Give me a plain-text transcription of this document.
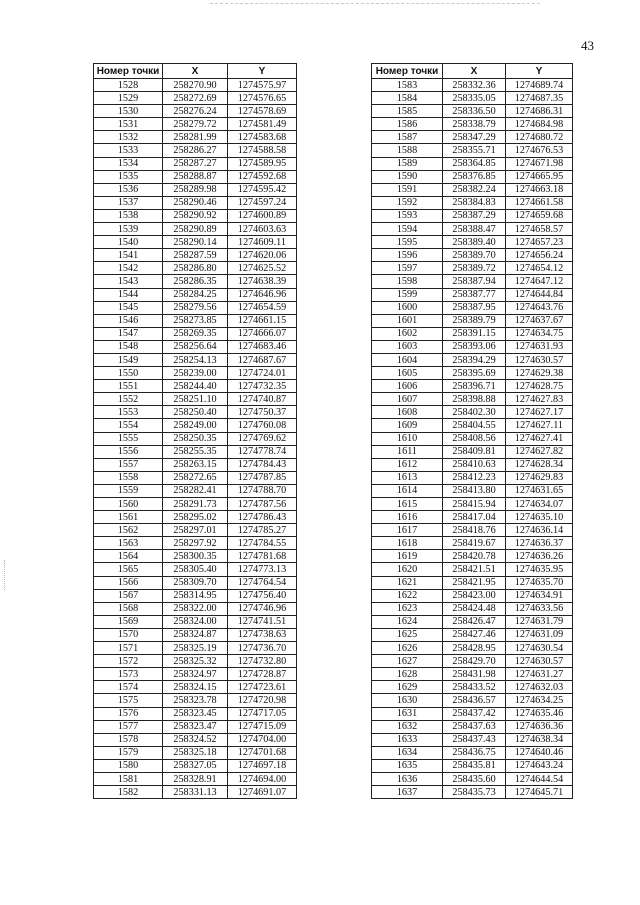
43
Номер точки	X	Y
1528	258270.90	1274575.97
1529	258272.69	1274576.65
1530	258276.24	1274578.69
1531	258279.72	1274581.49
1532	258281.99	1274583.68
1533	258286.27	1274588.58
1534	258287.27	1274589.95
1535	258288.87	1274592.68
1536	258289.98	1274595.42
1537	258290.46	1274597.24
1538	258290.92	1274600.89
1539	258290.89	1274603.63
1540	258290.14	1274609.11
1541	258287.59	1274620.06
1542	258286.80	1274625.52
1543	258286.35	1274638.39
1544	258284.25	1274646.96
1545	258279.56	1274654.59
1546	258273.85	1274661.15
1547	258269.35	1274666.07
1548	258256.64	1274683.46
1549	258254.13	1274687.67
1550	258239.00	1274724.01
1551	258244.40	1274732.35
1552	258251.10	1274740.87
1553	258250.40	1274750.37
1554	258249.00	1274760.08
1555	258250.35	1274769.62
1556	258255.35	1274778.74
1557	258263.15	1274784.43
1558	258272.65	1274787.85
1559	258282.41	1274788.70
1560	258291.73	1274787.56
1561	258295.02	1274786.43
1562	258297.01	1274785.27
1563	258297.92	1274784.55
1564	258300.35	1274781.68
1565	258305.40	1274773.13
1566	258309.70	1274764.54
1567	258314.95	1274756.40
1568	258322.00	1274746.96
1569	258324.00	1274741.51
1570	258324.87	1274738.63
1571	258325.19	1274736.70
1572	258325.32	1274732.80
1573	258324.97	1274728.87
1574	258324.15	1274723.61
1575	258323.78	1274720.98
1576	258323.45	1274717.05
1577	258323.47	1274715.09
1578	258324.52	1274704.00
1579	258325.18	1274701.68
1580	258327.05	1274697.18
1581	258328.91	1274694.00
1582	258331.13	1274691.07
Номер точки	X	Y
1583	258332.36	1274689.74
1584	258335.05	1274687.35
1585	258336.50	1274686.31
1586	258338.79	1274684.98
1587	258347.29	1274680.72
1588	258355.71	1274676.53
1589	258364.85	1274671.98
1590	258376.85	1274665.95
1591	258382.24	1274663.18
1592	258384.83	1274661.58
1593	258387.29	1274659.68
1594	258388.47	1274658.57
1595	258389.40	1274657.23
1596	258389.70	1274656.24
1597	258389.72	1274654.12
1598	258387.94	1274647.12
1599	258387.77	1274644.84
1600	258387.95	1274643.76
1601	258389.79	1274637.67
1602	258391.15	1274634.75
1603	258393.06	1274631.93
1604	258394.29	1274630.57
1605	258395.69	1274629.38
1606	258396.71	1274628.75
1607	258398.88	1274627.83
1608	258402.30	1274627.17
1609	258404.55	1274627.11
1610	258408.56	1274627.41
1611	258409.81	1274627.82
1612	258410.63	1274628.34
1613	258412.23	1274629.83
1614	258413.80	1274631.65
1615	258415.94	1274634.07
1616	258417.04	1274635.10
1617	258418.76	1274636.14
1618	258419.67	1274636.37
1619	258420.78	1274636.26
1620	258421.51	1274635.95
1621	258421.95	1274635.70
1622	258423.00	1274634.91
1623	258424.48	1274633.56
1624	258426.47	1274631.79
1625	258427.46	1274631.09
1626	258428.95	1274630.54
1627	258429.70	1274630.57
1628	258431.98	1274631.27
1629	258433.52	1274632.03
1630	258436.57	1274634.25
1631	258437.42	1274635.46
1632	258437.63	1274636.36
1633	258437.43	1274638.34
1634	258436.75	1274640.46
1635	258435.81	1274643.24
1636	258435.60	1274644.54
1637	258435.73	1274645.71
